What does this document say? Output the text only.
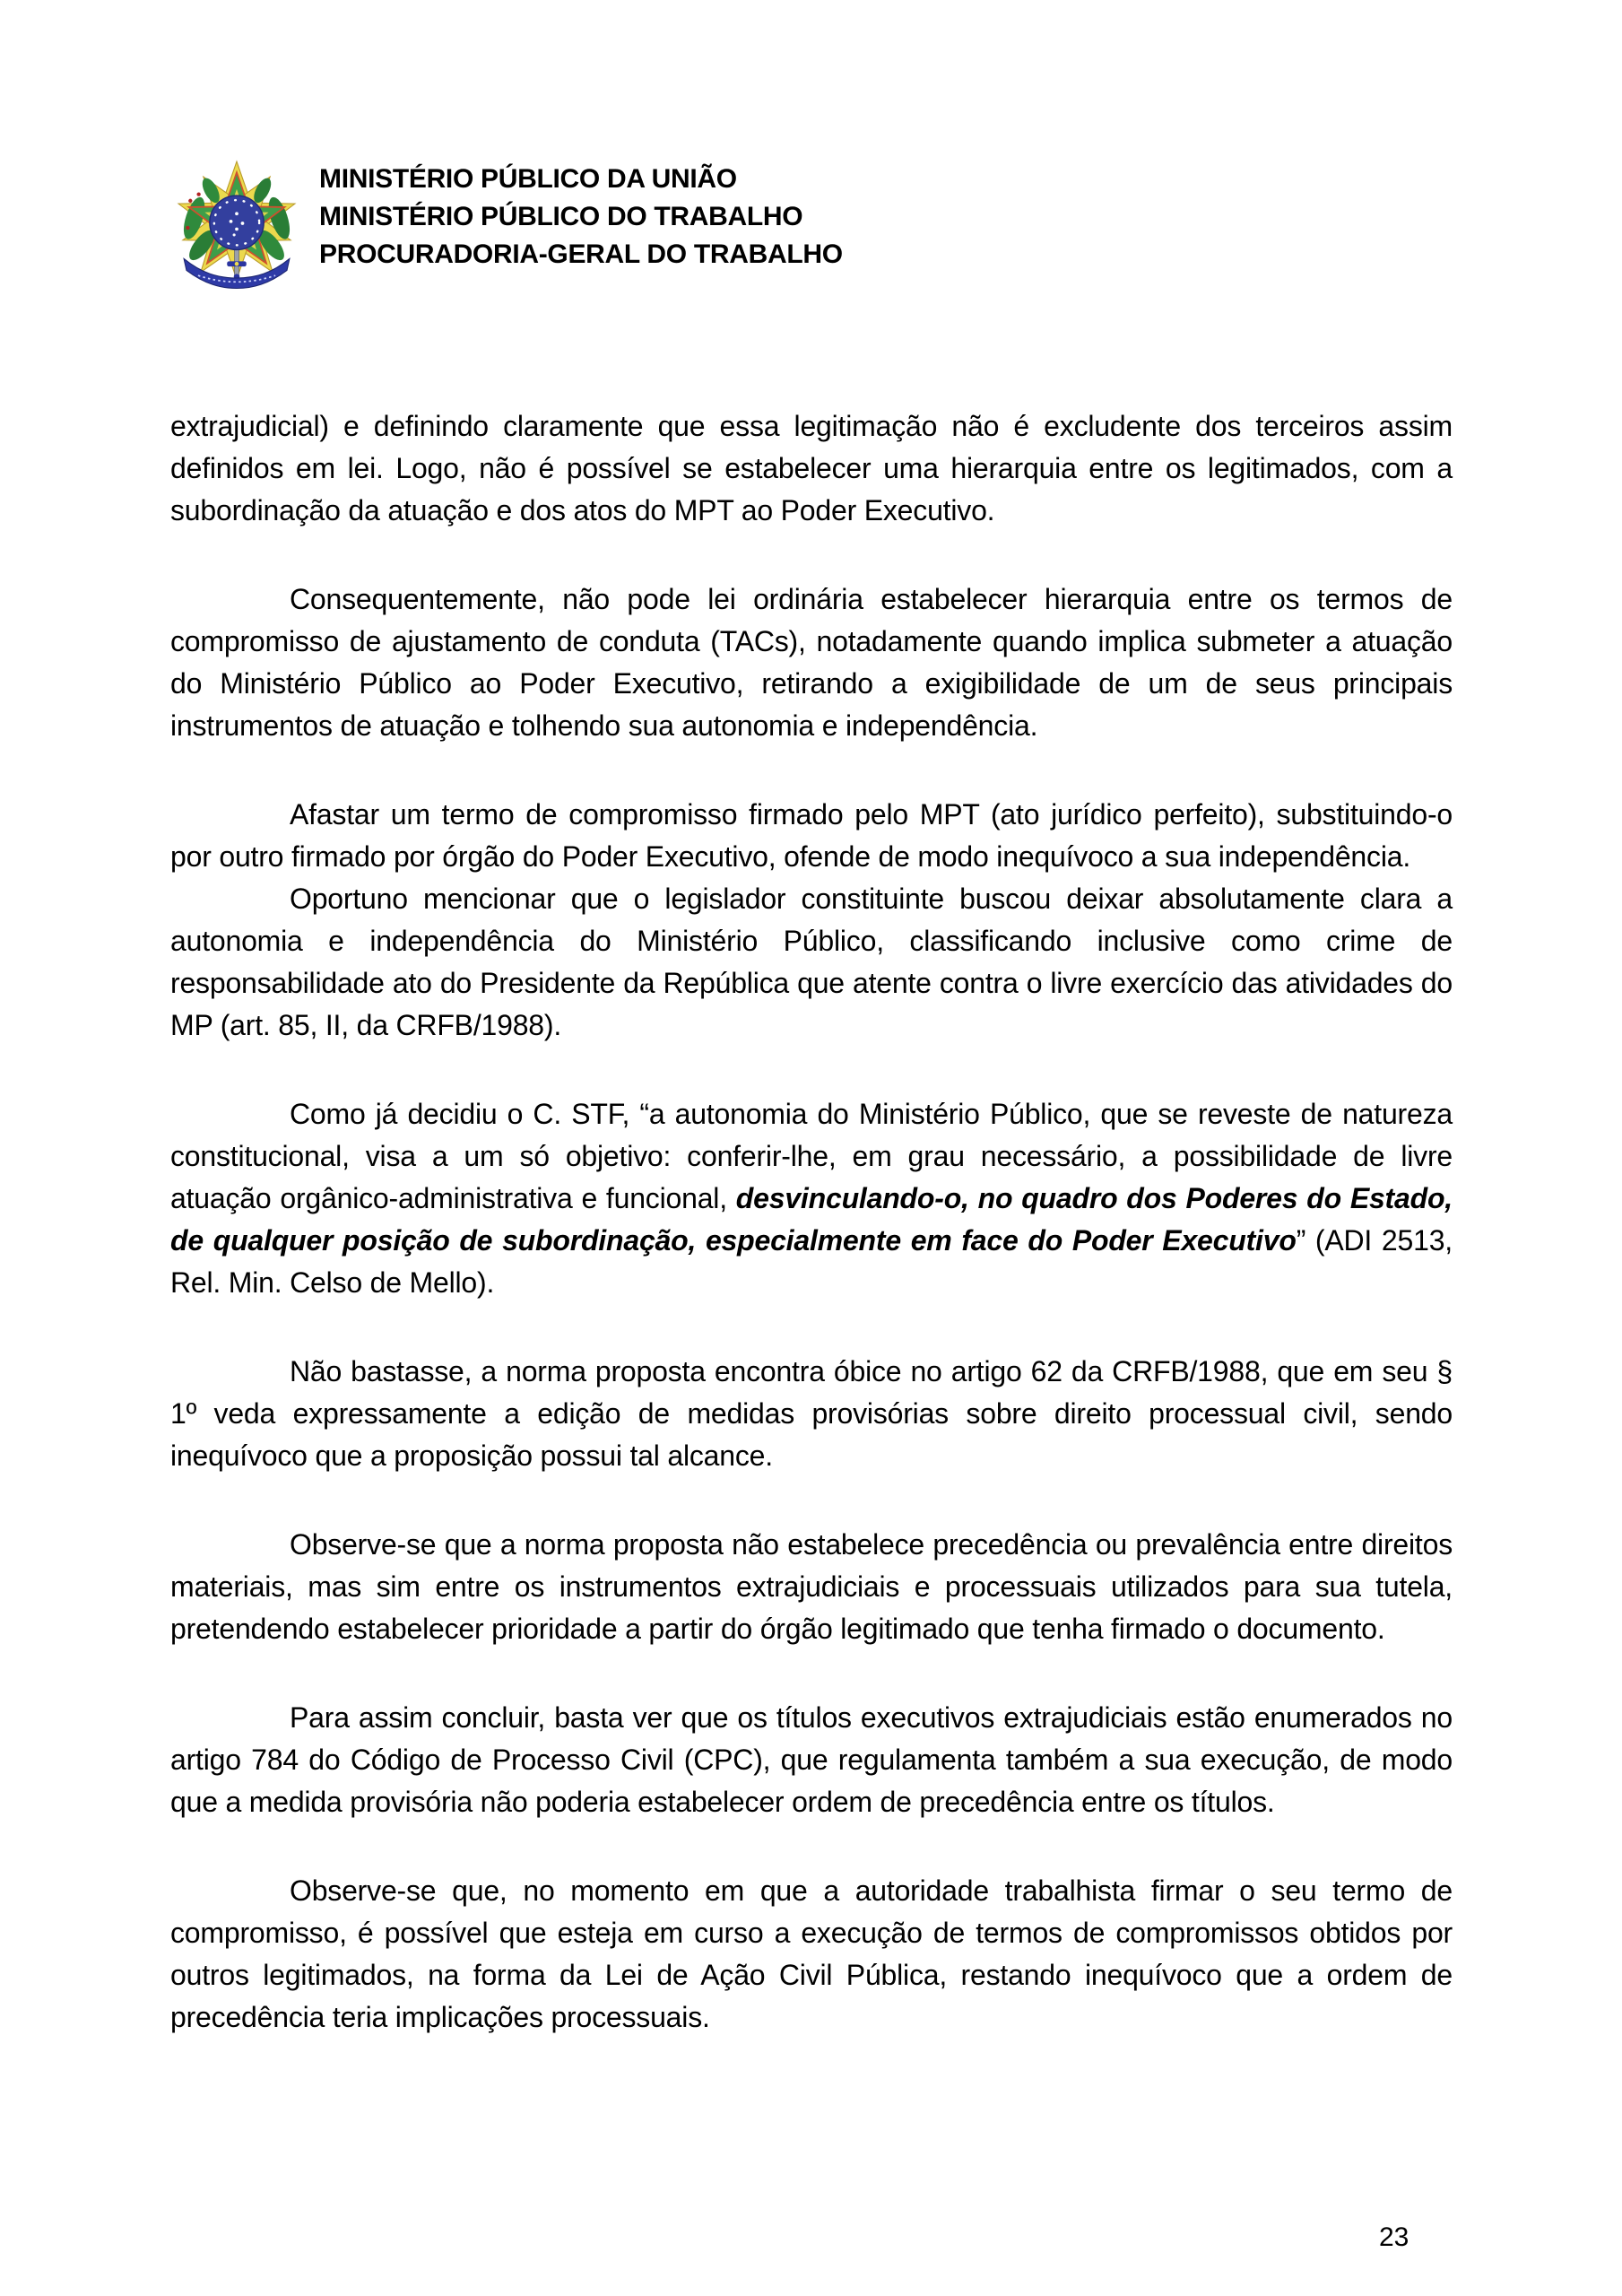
MINISTÉRIO PÚBLICO DA UNIÃO
MINISTÉRIO PÚBLICO DO TRABALHO
PROCURADORIA-GERAL DO TRABALHO

extrajudicial) e definindo claramente que essa legitimação não é excludente dos terceiros assim definidos em lei. Logo, não é possível se estabelecer uma hierarquia entre os legitimados, com a subordinação da atuação e dos atos do MPT ao Poder Executivo.

Consequentemente, não pode lei ordinária estabelecer hierarquia entre os termos de compromisso de ajustamento de conduta (TACs), notadamente quando implica submeter a atuação do Ministério Público ao Poder Executivo, retirando a exigibilidade de um de seus principais instrumentos de atuação e tolhendo sua autonomia e independência.

Afastar um termo de compromisso firmado pelo MPT (ato jurídico perfeito), substituindo-o por outro firmado por órgão do Poder Executivo, ofende de modo inequívoco a sua independência.

Oportuno mencionar que o legislador constituinte buscou deixar absolutamente clara a autonomia e independência do Ministério Público, classificando inclusive como crime de responsabilidade ato do Presidente da República que atente contra o livre exercício das atividades do MP (art. 85, II, da CRFB/1988).

Como já decidiu o C. STF, “a autonomia do Ministério Público, que se reveste de natureza constitucional, visa a um só objetivo: conferir-lhe, em grau necessário, a possibilidade de livre atuação orgânico-administrativa e funcional, desvinculando-o, no quadro dos Poderes do Estado, de qualquer posição de subordinação, especialmente em face do Poder Executivo” (ADI 2513, Rel. Min. Celso de Mello).

Não bastasse, a norma proposta encontra óbice no artigo 62 da CRFB/1988, que em seu § 1º veda expressamente a edição de medidas provisórias sobre direito processual civil, sendo inequívoco que a proposição possui tal alcance.

Observe-se que a norma proposta não estabelece precedência ou prevalência entre direitos materiais, mas sim entre os instrumentos extrajudiciais e processuais utilizados para sua tutela, pretendendo estabelecer prioridade a partir do órgão legitimado que tenha firmado o documento.

Para assim concluir, basta ver que os títulos executivos extrajudiciais estão enumerados no artigo 784 do Código de Processo Civil (CPC), que regulamenta também a sua execução, de modo que a medida provisória não poderia estabelecer ordem de precedência entre os títulos.

Observe-se que, no momento em que a autoridade trabalhista firmar o seu termo de compromisso, é possível que esteja em curso a execução de termos de compromissos obtidos por outros legitimados, na forma da Lei de Ação Civil Pública, restando inequívoco que a ordem de precedência teria implicações processuais.

23
